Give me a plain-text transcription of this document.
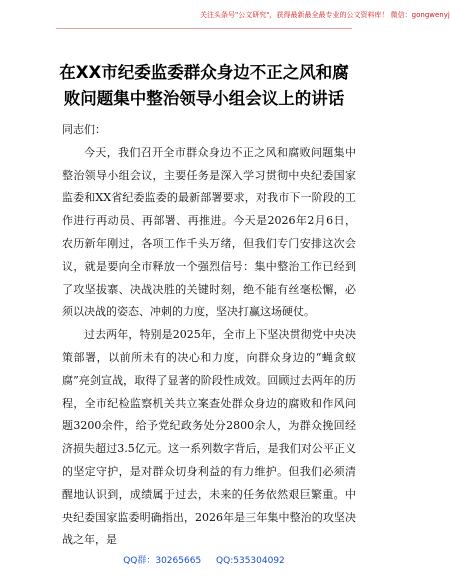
关注头条号"公文研究"，获得最新最全最专业的公文资料库！ 微信：gongwenyj
在XX市纪委监委群众身边不正之风和腐
败问题集中整治领导小组会议上的讲话

同志们：

今天，我们召开全市群众身边不正之风和腐败问题集中整治领导小组会议，主要任务是深入学习贯彻中央纪委国家监委和XX省纪委监委的最新部署要求，对我市下一阶段的工作进行再动员、再部署、再推进。今天是2026年2月6日，农历新年刚过，各项工作千头万绪，但我们专门安排这次会议，就是要向全市释放一个强烈信号：集中整治工作已经到了攻坚拔寨、决战决胜的关键时刻，绝不能有丝毫松懈，必须以决战的姿态、冲刺的力度，坚决打赢这场硬仗。

过去两年，特别是2025年，全市上下坚决贯彻党中央决策部署，以前所未有的决心和力度，向群众身边的“蝇贪蚁腐”亮剑宣战，取得了显著的阶段性成效。回顾过去两年的历程，全市纪检监察机关共立案查处群众身边的腐败和作风问题3200余件，给予党纪政务处分2800余人，为群众挽回经济损失超过3.5亿元。这一系列数字背后，是我们对公平正义的坚定守护，是对群众切身利益的有力维护。但我们必须清醒地认识到，成绩属于过去，未来的任务依然艰巨繁重。中央纪委国家监委明确指出，2026年是三年集中整治的攻坚决战之年，是

QQ群：30265665 QQ:535304092
